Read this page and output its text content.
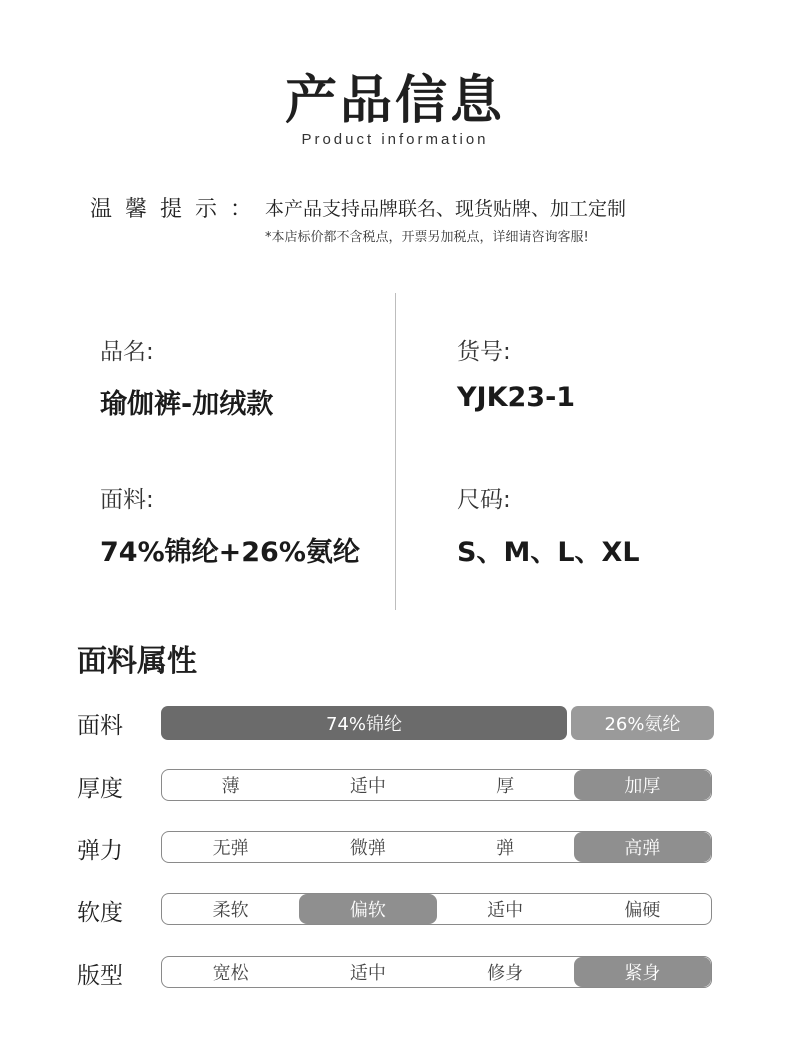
产品信息
Product information
温馨提示： 本产品支持品牌联名、现货贴牌、加工定制
*本店标价都不含税点，开票另加税点，详细请咨询客服!
品名:
瑜伽裤-加绒款
货号:
YJK23-1
面料:
74%锦纶+26%氨纶
尺码:
S、M、L、XL
面料属性
面料	74%锦纶	26%氨纶
厚度	薄	适中	厚	加厚
弹力	无弹	微弹	弹	高弹
软度	柔软	偏软	适中	偏硬
版型	宽松	适中	修身	紧身
